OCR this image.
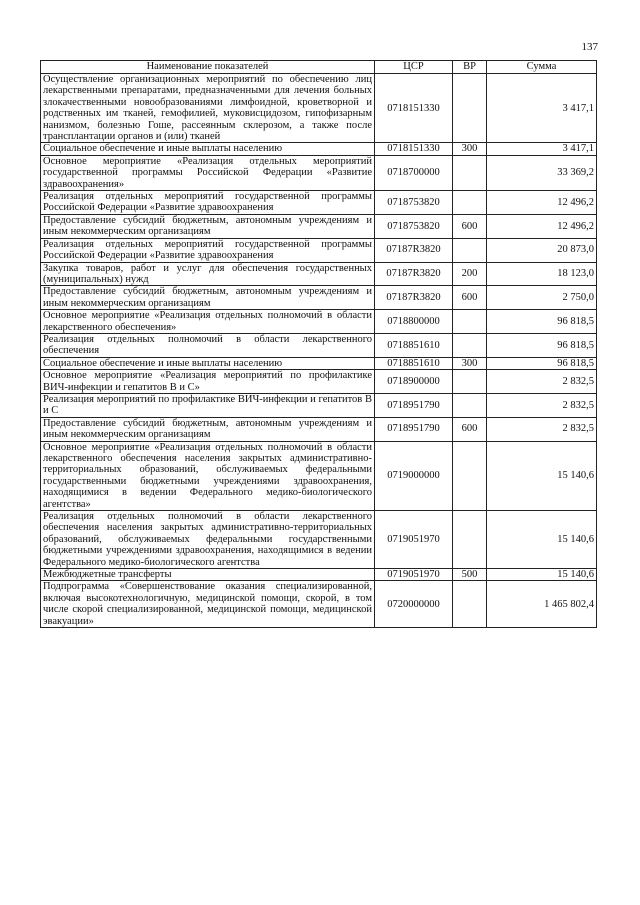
137
Наименование показателей	ЦСР	ВР	Сумма
Осуществление организационных мероприятий по обеспечению лиц лекарственными препаратами, предназначенными для лечения больных злокачественными новообразованиями лимфоидной, кроветворной и родственных им тканей, гемофилией, муковисцидозом, гипофизарным нанизмом, болезнью Гоше, рассеянным склерозом, а также после трансплантации органов и (или) тканей	0718151330		3 417,1
Социальное обеспечение и иные выплаты населению	0718151330	300	3 417,1
Основное мероприятие «Реализация отдельных мероприятий государственной программы Российской Федерации «Развитие здравоохранения»	0718700000		33 369,2
Реализация отдельных мероприятий государственной программы Российской Федерации «Развитие здравоохранения	0718753820		12 496,2
Предоставление субсидий бюджетным, автономным учреждениям и иным некоммерческим организациям	0718753820	600	12 496,2
Реализация отдельных мероприятий государственной программы Российской Федерации «Развитие здравоохранения	07187R3820		20 873,0
Закупка товаров, работ и услуг для обеспечения государственных (муниципальных) нужд	07187R3820	200	18 123,0
Предоставление субсидий бюджетным, автономным учреждениям и иным некоммерческим организациям	07187R3820	600	2 750,0
Основное мероприятие «Реализация отдельных полномочий в области лекарственного обеспечения»	0718800000		96 818,5
Реализация отдельных полномочий в области лекарственного обеспечения	0718851610		96 818,5
Социальное обеспечение и иные выплаты населению	0718851610	300	96 818,5
Основное мероприятие «Реализация мероприятий по профилактике ВИЧ-инфекции и гепатитов В и С»	0718900000		2 832,5
Реализация мероприятий по профилактике ВИЧ-инфекции и гепатитов В и С	0718951790		2 832,5
Предоставление субсидий бюджетным, автономным учреждениям и иным некоммерческим организациям	0718951790	600	2 832,5
Основное мероприятие «Реализация отдельных полномочий в области лекарственного обеспечения населения закрытых административно-территориальных образований, обслуживаемых федеральными государственными бюджетными учреждениями здравоохранения, находящимися в ведении Федерального медико-биологического агентства»	0719000000		15 140,6
Реализация отдельных полномочий в области лекарственного обеспечения населения закрытых административно-территориальных образований, обслуживаемых федеральными государственными бюджетными учреждениями здравоохранения, находящимися в ведении Федерального медико-биологического агентства	0719051970		15 140,6
Межбюджетные трансферты	0719051970	500	15 140,6
Подпрограмма «Совершенствование оказания специализированной, включая высокотехнологичную, медицинской помощи, скорой, в том числе скорой специализированной, медицинской помощи, медицинской эвакуации»	0720000000		1 465 802,4
